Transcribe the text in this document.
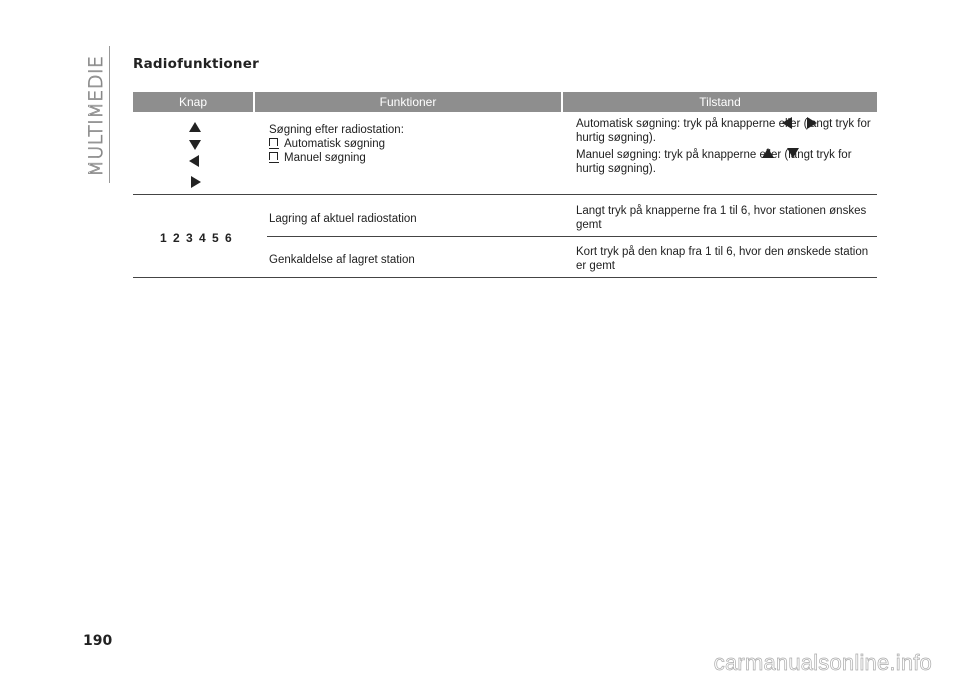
MULTIMEDIE Radiofunktioner
Knap	Funktioner	Tilstand
Søgning efter radiostation:
Automatisk søgning
Manuel søgning
Automatisk søgning: tryk på knapperne eller (langt tryk for hurtig søgning).
Manuel søgning: tryk på knapperne eller (langt tryk for hurtig søgning).
1 2 3 4 5 6
Lagring af aktuel radiostation
Langt tryk på knapperne fra 1 til 6, hvor stationen ønskes gemt
Genkaldelse af lagret station
Kort tryk på den knap fra 1 til 6, hvor den ønskede station er gemt
190
carmanualsonline.info
